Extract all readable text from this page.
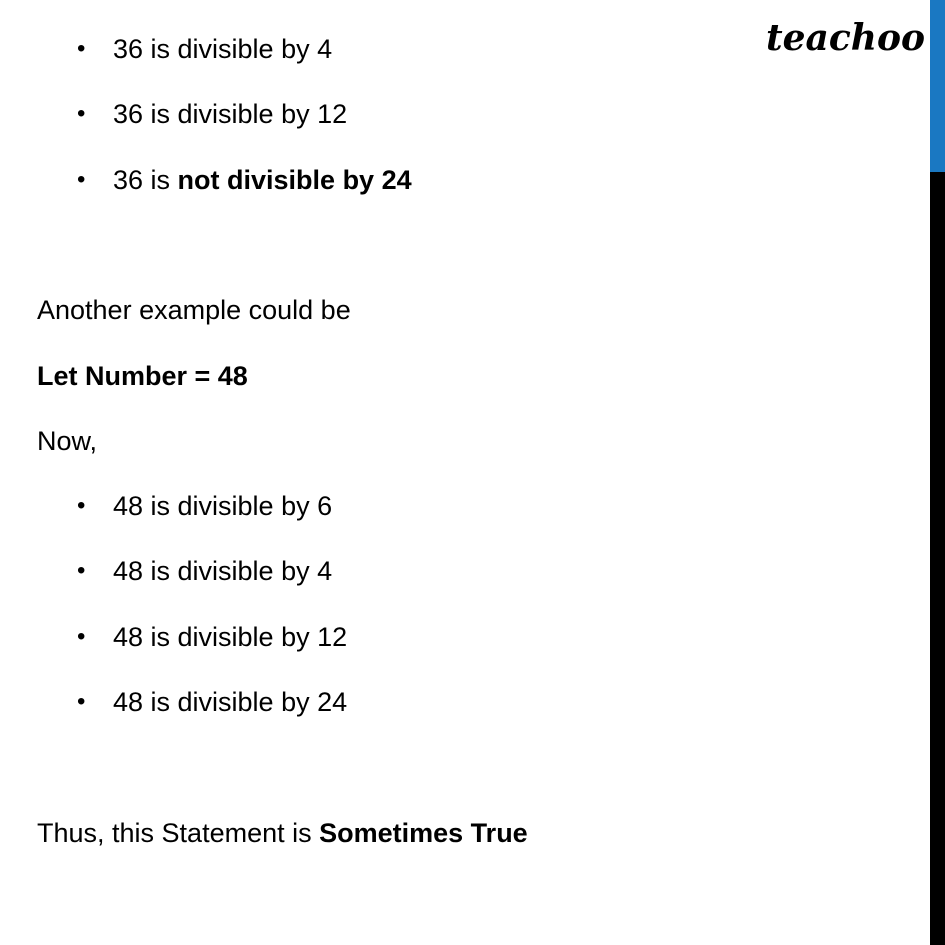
teachoo
• 36 is divisible by 4
• 36 is divisible by 12
• 36 is not divisible by 24
Another example could be
Let Number = 48
Now,
• 48 is divisible by 6
• 48 is divisible by 4
• 48 is divisible by 12
• 48 is divisible by 24
Thus, this Statement is Sometimes True
